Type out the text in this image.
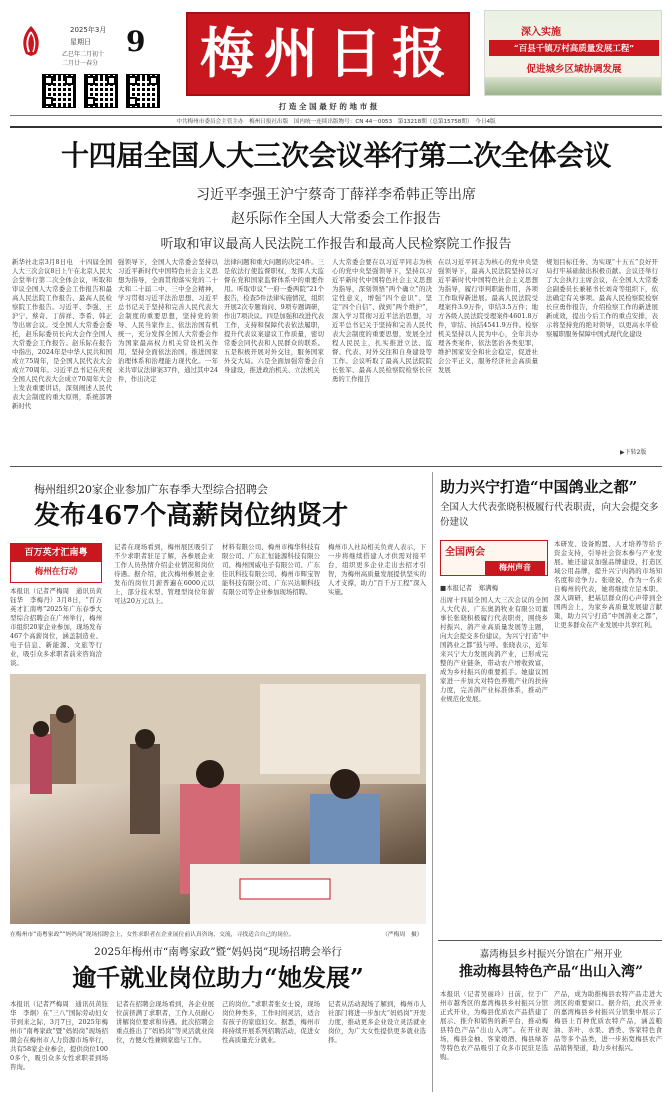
2025年3月
星期日 9
乙巳年二月初十
二月廿一春分 梅州日报
打 造 全 国 最 好 的 地 市 报
深入实施
“百县千镇万村高质量发展工程”
促进城乡区域协调发展
中共梅州市委员会主管主办　梅州日报社出版　国内统一连续出版物号：CN 44－0053　第13218期（总第15758期）　今日4版
十四届全国人大三次会议举行第二次全体会议
习近平李强王沪宁蔡奇丁薛祥李希韩正等出席
赵乐际作全国人大常委会工作报告
听取和审议最高人民法院工作报告和最高人民检察院工作报告
新华社北京3月8日电　十四届全国人大三次会议8日上午在北京人民大会堂举行第二次全体会议，听取和审议全国人大常委会工作报告和最高人民法院工作报告、最高人民检察院工作报告。习近平、李强、王沪宁、蔡奇、丁薛祥、李希、韩正等出席会议。受全国人大常委会委托，赵乐际委员长向大会作全国人大常委会工作报告。赵乐际在报告中指出，2024年是中华人民共和国成立75周年，是全国人民代表大会成立70周年。习近平总书记在庆祝全国人民代表大会成立70周年大会上发表重要讲话，深刻阐述人民代表大会制度的重大原则，系统部署新时代
强领导下，全国人大常委会坚持以习近平新时代中国特色社会主义思想为指导，全面贯彻落实党的二十大和二十届二中、三中全会精神，学习贯彻习近平法治思想、习近平总书记关于坚持和完善人民代表大会制度的重要思想，坚持党的领导、人民当家作主、依法治国有机统一，充分发挥全国人大常委会作为国家最高权力机关常设机关作用，坚持全面依法治国，推进国家治理体系和治理能力现代化。一年来共审议法律案37件，通过其中24件，作出决定
法律问题和重大问题的决定4件。三是依法行使监督职权，发挥人大监督在党和国家监督体系中的重要作用。听取审议“一府一委两院”21个报告，检查5件法律实施情况，组织开展2次专题询问、9项专题调研，作出7项决议。四是加强和改进代表工作，支持和保障代表依法履职，提升代表议案建议工作质量，密切常委会同代表和人民群众的联系。五是积极开展对外交往，服务国家外交大局。六是全面加强常委会自身建设，推进政治机关、立法机关
人大常委会要在以习近平同志为核心的党中央坚强领导下，坚持以习近平新时代中国特色社会主义思想为指导，深刻领悟“两个确立”的决定性意义，增强“四个意识”、坚定“四个自信”、做到“两个维护”，深入学习贯彻习近平法治思想，习近平总书记关于坚持和完善人民代表大会制度的重要思想，发展全过程人民民主，扎实推进立法、监督、代表、对外交往和自身建设等工作。会议听取了最高人民法院院长张军、最高人民检察院检察长应勇的工作报告
在以习近平同志为核心的党中央坚强领导下，最高人民法院坚持以习近平新时代中国特色社会主义思想为指导，履行审判职能作用，各项工作取得新进展。最高人民法院受理案件3.9万件，审结3.5万件；地方各级人民法院受理案件4601.8万件，审结、执结4541.9万件。检察机关坚持以人民为中心，全年共办理各类案件，依法惩治各类犯罪，维护国家安全和社会稳定，促进社会公平正义，服务经济社会高质量发展
规划目标任务、为实现“十五五”良好开局打牢基础做出积极贡献。会议还举行了大会执行主席会议，在全国人大常委会副委员长兼秘书长刘奇等组织下，依法确定有关事项。最高人民检察院检察长应勇作报告，介绍检察工作的新进展新成效，提出今后工作的重点安排，表示将坚持党的绝对领导，以更高水平检察履职服务保障中国式现代化建设
▶下转2版
梅州组织20家企业参加广东春季大型综合招聘会
发布467个高薪岗位纳贤才
百万英才汇南粤
梅州在行动
本报讯（记者严梅周　通讯员黄钰华　李梅丹）3月8日，“百万英才汇南粤”2025年广东春季大型综合招聘会在广州举行，梅州市组织20家企业参加，现场发布467个高薪岗位，涵盖制造业、电子信息、新能源、文旅等行业，吸引众多求职者前来咨询洽谈。
记者在现场看到，梅州展区吸引了不少求职者驻足了解，各参展企业工作人员热情介绍企业情况和岗位待遇。据介绍，此次梅州参展企业发布的岗位月薪普遍在6000元以上，部分技术型、管理型岗位年薪可达20万元以上。
材料有限公司、梅州市梅华科技有限公司、广东汇恒能源科技有限公司、梅州国威电子有限公司、广东佳讯科技有限公司、梅州市辉宝智能科技有限公司、广东兴达顺科技有限公司等企业参加现场招聘。
梅州市人社局相关负责人表示，下一步将继续搭建人才供需对接平台，组织更多企业走出去招才引智，为梅州高质量发展提供坚实的人才支撑，助力“百千万工程”深入实施。
在梅州市“南粤家政”“妈妈岗”现场招聘会上，女性求职者在企业展位前认真咨询、交流，寻找适合自己的岗位。	（严梅周　摄）
2025年梅州市“南粤家政”暨“妈妈岗”现场招聘会举行
逾千就业岗位助力“她发展”
本报讯（记者严梅周　通讯员黄钰华　李炯）在“三八”国际劳动妇女节到来之际，3月7日，2025年梅州市“南粤家政”暨“妈妈岗”现场招聘会在梅州市人力资源市场举行，共有58家企业参会，提供岗位1000多个，吸引众多女性求职者到场咨询。
记者在招聘会现场看到，各企业展位前挤满了求职者，工作人员耐心讲解岗位要求和待遇。此次招聘会重点推出了“妈妈岗”等灵活就业岗位，方便女性兼顾家庭与工作。
己的岗位。”求职者张女士说，现场岗位种类多，工作时间灵活，适合有孩子的家庭妇女。据悉，梅州市将持续开展系列招聘活动，促进女性高质量充分就业。
记者从活动现场了解到，梅州市人社部门将进一步加大“妈妈岗”开发力度，推动更多企业设立灵活就业岗位，为广大女性提供更多就业选择。
助力兴宁打造“中国鸽业之都”
全国人大代表张晓积极履行代表职责，向大会提交多份建议
全国两会
梅州声音
■本报记者　郑满梅
出席十四届全国人大三次会议的全国人大代表、广东奥鸽牧业有限公司董事长张晓积极履行代表职责，围绕乡村振兴、鸽产业高质量发展等主题，向大会提交多份建议，为兴宁打造“中国鸽业之都”鼓与呼。张晓表示，近年来兴宁大力发展肉鸽产业，已形成完整的产业链条，带动农户增收致富，成为乡村振兴的重要抓手。她建议国家进一步加大对特色养殖产业的扶持力度，完善鸽产业标准体系，推动产业规范化发展。
本研发、设备购置、人才培养等给予资金支持，引导社会资本参与产业发展。她还建议加强品牌建设，打造区域公用品牌，提升兴宁肉鸽的市场知名度和竞争力。张晓说，作为一名来自梅州的代表，她将继续立足本职、深入调研，把基层群众的心声带到全国两会上，为家乡高质量发展建言献策，助力兴宁打造“中国鸽业之都”，让更多群众在产业发展中共享红利。
嘉湾梅县乡村振兴分馆在广州开业
推动梅县特色产品“出山入湾”
本报讯（记者吴丽玲）日前，位于广州市越秀区的嘉湾梅县乡村振兴分馆正式开业，为梅县优质农产品搭建了展示、推介和销售的新平台，推动梅县特色产品“出山入湾”。在开业现场，梅县金柚、客家娘酒、梅县绿茶等特色农产品吸引了众多市民驻足选购。
产品，成为助推梅县农特产品走进大湾区的重要窗口。据介绍，此次开业的嘉湾梅县乡村振兴分馆集中展示了梅县上百种优质农特产品，涵盖粮油、茶叶、水果、酒类、客家特色食品等多个品类，进一步拓宽梅县农产品销售渠道，助力乡村振兴。
